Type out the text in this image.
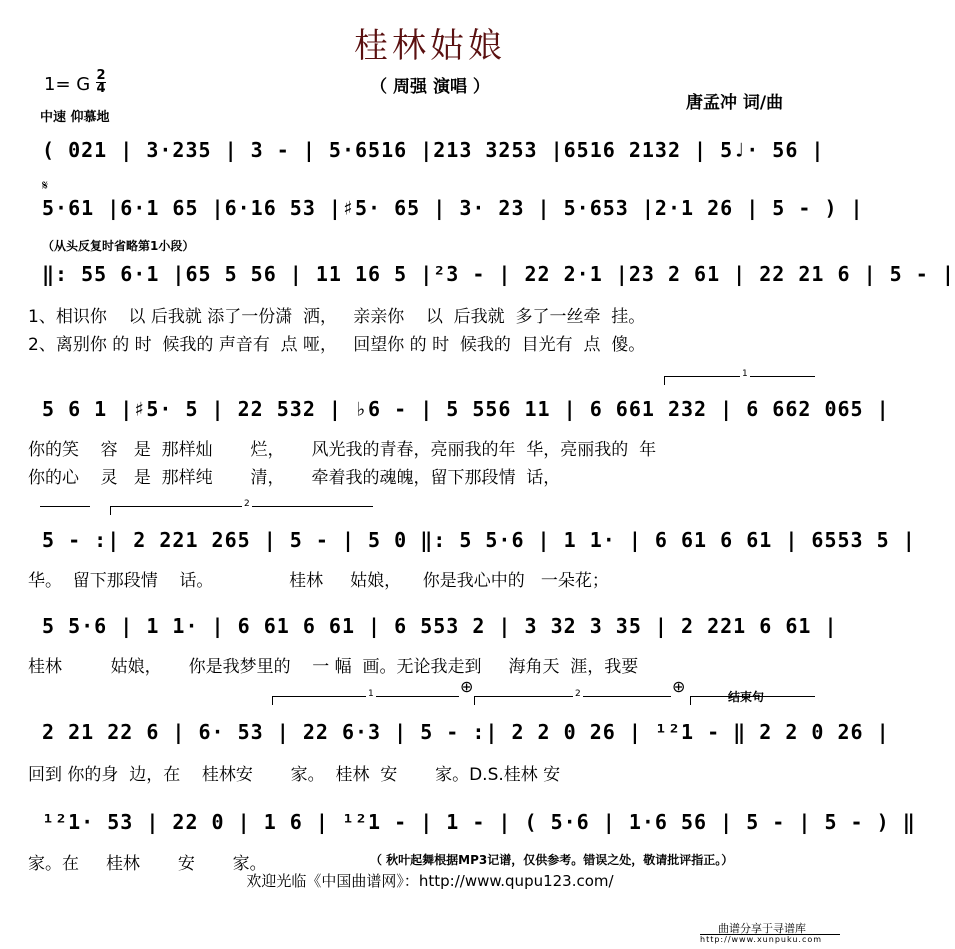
桂林姑娘
（ 周强 演唱 ）
1= G 2
4
中速 仰慕地
唐孟冲 词/曲
( 021 | 3·235 | 3 - | 5·6516 |213 3253 |6516 2132 | 5♩· 56 |
𝄋
5·61 |6·1 65 |6·16 53 |♯5· 65 | 3· 23 | 5·653 |2·1 26 | 5 - ) |
（从头反复时省略第1小段）
‖: 55 6·1 |65 5 56 | 11 16 5 |²3 - | 22 2·1 |23 2 61 | 22 21 6 | 5 - |
1、相识你    以 后我就 添了一份潇  洒，   亲亲你    以  后我就  多了一丝牵  挂。
2、离别你 的 时  候我的 声音有  点 哑，   回望你 的 时  候我的  目光有  点  傻。
1
5 6 1 |♯5· 5 | 22 532 | ♭6 - | 5 556 11 | 6 661 232 | 6 662 065 |
你的笑    容   是  那样灿       烂，     风光我的青春，亮丽我的年  华，亮丽我的  年
你的心    灵   是  那样纯       清，     牵着我的魂魄，留下那段情  话，
2
5 - :| 2 221 265 | 5 - | 5 0 ‖: 5 5·6 | 1 1· | 6 61 6 61 | 6553 5 |
华。  留下那段情    话。              桂林     姑娘，    你是我心中的   一朵花；
5 5·6 | 1 1· | 6 61 6 61 | 6 553 2 | 3 32 3 35 | 2 221 6 61 |
桂林         姑娘，     你是我梦里的    一 幅  画。无论我走到     海角天  涯，我要
1	2
⊕	⊕
结束句
2 21 22 6 | 6· 53 | 22 6·3 | 5 - :| 2 2 0 26 | ¹²1 - ‖ 2 2 0 26 |
回到 你的身  边，在    桂林安       家。  桂林  安       家。D.S.桂林 安
¹²1· 53 | 22 0 | 1 6 | ¹²1 - | 1 - | ( 5·6 | 1·6 56 | 5 - | 5 - ) ‖
家。在     桂林       安       家。	（ 秋叶起舞根据MP3记谱，仅供参考。错误之处，敬请批评指正。）
欢迎光临《中国曲谱网》：http://www.qupu123.com/
曲谱分享于寻谱库
http://www.xunpuku.com
